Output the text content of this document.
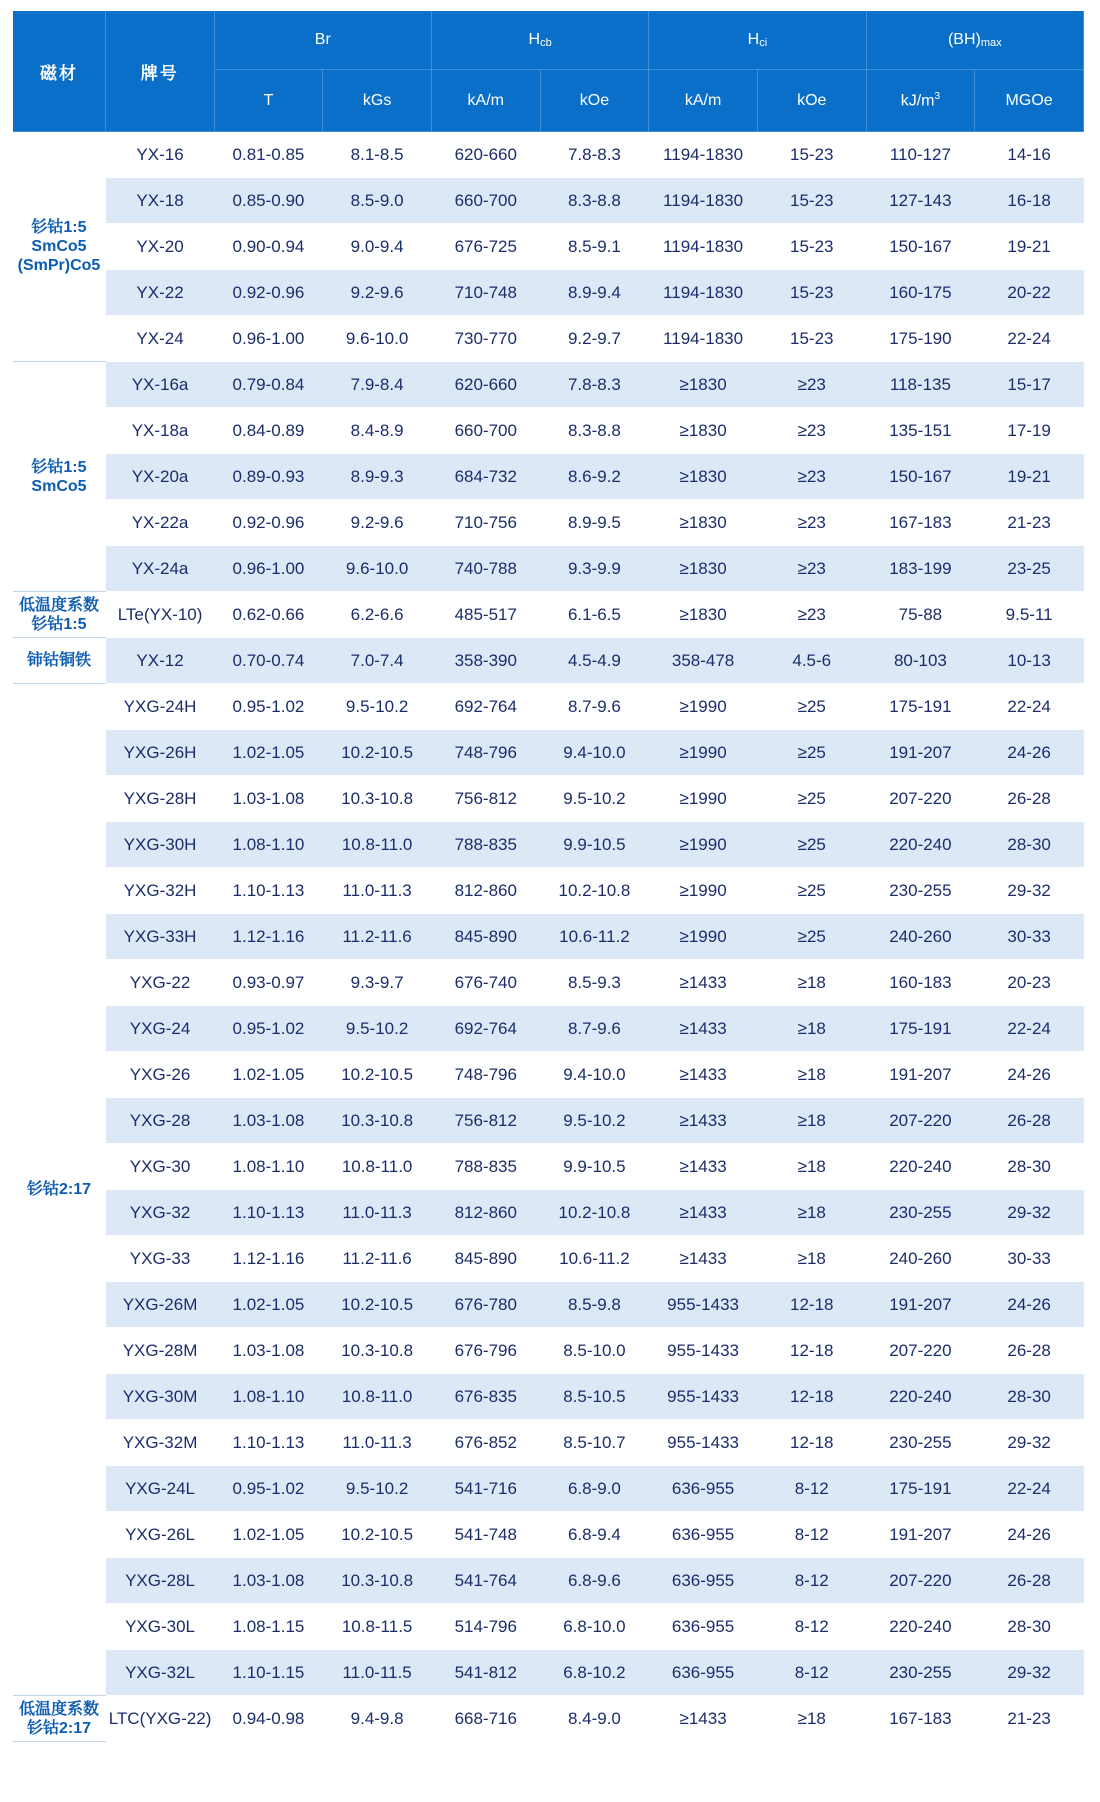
磁材	牌号	Br		$H_{cb}$		$H_{ci}$		$(BH)_{max}$
		T	kGs	kA/m	kOe	kA/m	kOe	$kJ/m^3$	MGOe

钐钴1:5
SmCo5
(SmPr)Co5	YX-16	0.81-0.85	8.1-8.5	620-660	7.8-8.3	1194-1830	15-23	110-127	14-16
	YX-18	0.85-0.90	8.5-9.0	660-700	8.3-8.8	1194-1830	15-23	127-143	16-18
	YX-20	0.90-0.94	9.0-9.4	676-725	8.5-9.1	1194-1830	15-23	150-167	19-21
	YX-22	0.92-0.96	9.2-9.6	710-748	8.9-9.4	1194-1830	15-23	160-175	20-22
	YX-24	0.96-1.00	9.6-10.0	730-770	9.2-9.7	1194-1830	15-23	175-190	22-24

钐钴1:5
SmCo5	YX-16a	0.79-0.84	7.9-8.4	620-660	7.8-8.3	≥1830	≥23	118-135	15-17
	YX-18a	0.84-0.89	8.4-8.9	660-700	8.3-8.8	≥1830	≥23	135-151	17-19
	YX-20a	0.89-0.93	8.9-9.3	684-732	8.6-9.2	≥1830	≥23	150-167	19-21
	YX-22a	0.92-0.96	9.2-9.6	710-756	8.9-9.5	≥1830	≥23	167-183	21-23
	YX-24a	0.96-1.00	9.6-10.0	740-788	9.3-9.9	≥1830	≥23	183-199	23-25

低温度系数
钐钴1:5	LTe(YX-10)	0.62-0.66	6.2-6.6	485-517	6.1-6.5	≥1830	≥23	75-88	9.5-11

铈钴铜铁	YX-12	0.70-0.74	7.0-7.4	358-390	4.5-4.9	358-478	4.5-6	80-103	10-13

钐钴2:17	YXG-24H	0.95-1.02	9.5-10.2	692-764	8.7-9.6	≥1990	≥25	175-191	22-24
	YXG-26H	1.02-1.05	10.2-10.5	748-796	9.4-10.0	≥1990	≥25	191-207	24-26
	YXG-28H	1.03-1.08	10.3-10.8	756-812	9.5-10.2	≥1990	≥25	207-220	26-28
	YXG-30H	1.08-1.10	10.8-11.0	788-835	9.9-10.5	≥1990	≥25	220-240	28-30
	YXG-32H	1.10-1.13	11.0-11.3	812-860	10.2-10.8	≥1990	≥25	230-255	29-32
	YXG-33H	1.12-1.16	11.2-11.6	845-890	10.6-11.2	≥1990	≥25	240-260	30-33
	YXG-22	0.93-0.97	9.3-9.7	676-740	8.5-9.3	≥1433	≥18	160-183	20-23
	YXG-24	0.95-1.02	9.5-10.2	692-764	8.7-9.6	≥1433	≥18	175-191	22-24
	YXG-26	1.02-1.05	10.2-10.5	748-796	9.4-10.0	≥1433	≥18	191-207	24-26
	YXG-28	1.03-1.08	10.3-10.8	756-812	9.5-10.2	≥1433	≥18	207-220	26-28
	YXG-30	1.08-1.10	10.8-11.0	788-835	9.9-10.5	≥1433	≥18	220-240	28-30
	YXG-32	1.10-1.13	11.0-11.3	812-860	10.2-10.8	≥1433	≥18	230-255	29-32
	YXG-33	1.12-1.16	11.2-11.6	845-890	10.6-11.2	≥1433	≥18	240-260	30-33
	YXG-26M	1.02-1.05	10.2-10.5	676-780	8.5-9.8	955-1433	12-18	191-207	24-26
	YXG-28M	1.03-1.08	10.3-10.8	676-796	8.5-10.0	955-1433	12-18	207-220	26-28
	YXG-30M	1.08-1.10	10.8-11.0	676-835	8.5-10.5	955-1433	12-18	220-240	28-30
	YXG-32M	1.10-1.13	11.0-11.3	676-852	8.5-10.7	955-1433	12-18	230-255	29-32
	YXG-24L	0.95-1.02	9.5-10.2	541-716	6.8-9.0	636-955	8-12	175-191	22-24
	YXG-26L	1.02-1.05	10.2-10.5	541-748	6.8-9.4	636-955	8-12	191-207	24-26
	YXG-28L	1.03-1.08	10.3-10.8	541-764	6.8-9.6	636-955	8-12	207-220	26-28
	YXG-30L	1.08-1.15	10.8-11.5	514-796	6.8-10.0	636-955	8-12	220-240	28-30
	YXG-32L	1.10-1.15	11.0-11.5	541-812	6.8-10.2	636-955	8-12	230-255	29-32

低温度系数
钐钴2:17	LTC(YXG-22)	0.94-0.98	9.4-9.8	668-716	8.4-9.0	≥1433	≥18	167-183	21-23
